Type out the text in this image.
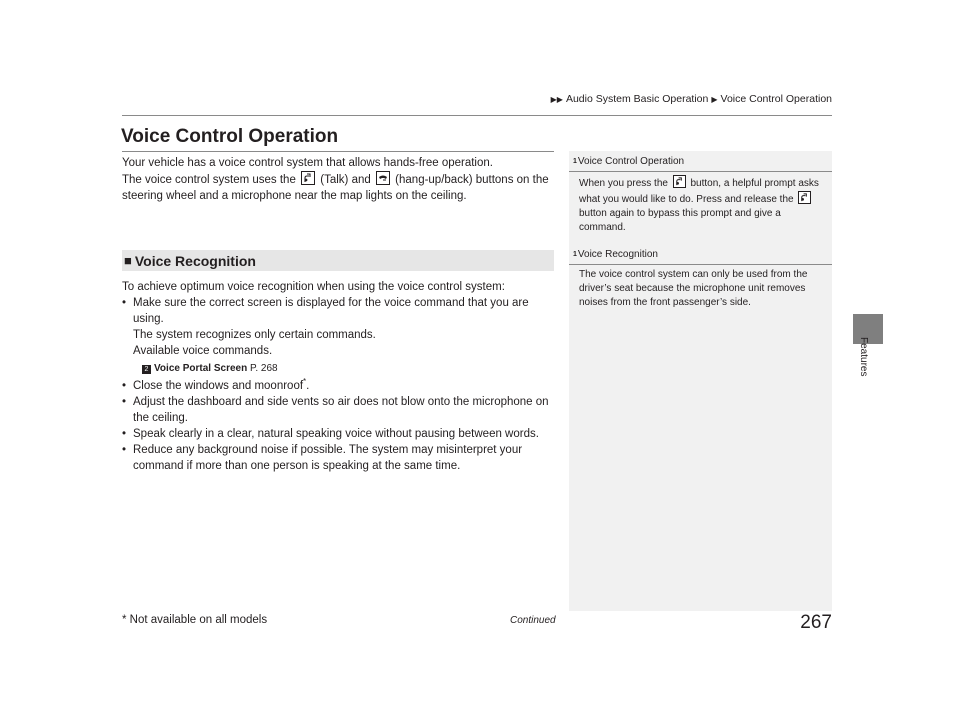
▶▶ Audio System Basic Operation ▶ Voice Control Operation
Voice Control Operation

Your vehicle has a voice control system that allows hands-free operation.

The voice control system uses the (Talk) and (hang-up/back) buttons on the

steering wheel and a microphone near the map lights on the ceiling.

■ Voice Recognition

To achieve optimum voice recognition when using the voice control system:

• Make sure the correct screen is displayed for the voice command that you are using.
The system recognizes only certain commands.
Available voice commands.
2 Voice Portal Screen P. 268
• Close the windows and moonroof*.
• Adjust the dashboard and side vents so air does not blow onto the microphone on the ceiling.
• Speak clearly in a clear, natural speaking voice without pausing between words.
• Reduce any background noise if possible. The system may misinterpret your command if more than one person is speaking at the same time.
1 Voice Control Operation

When you press the button, a helpful prompt asks what you would like to do. Press and release the
button again to bypass this prompt and give a command.

1 Voice Recognition

The voice control system can only be used from the driver’s seat because the microphone unit removes noises from the front passenger’s side.

Features
* Not available on all models	Continued	267
